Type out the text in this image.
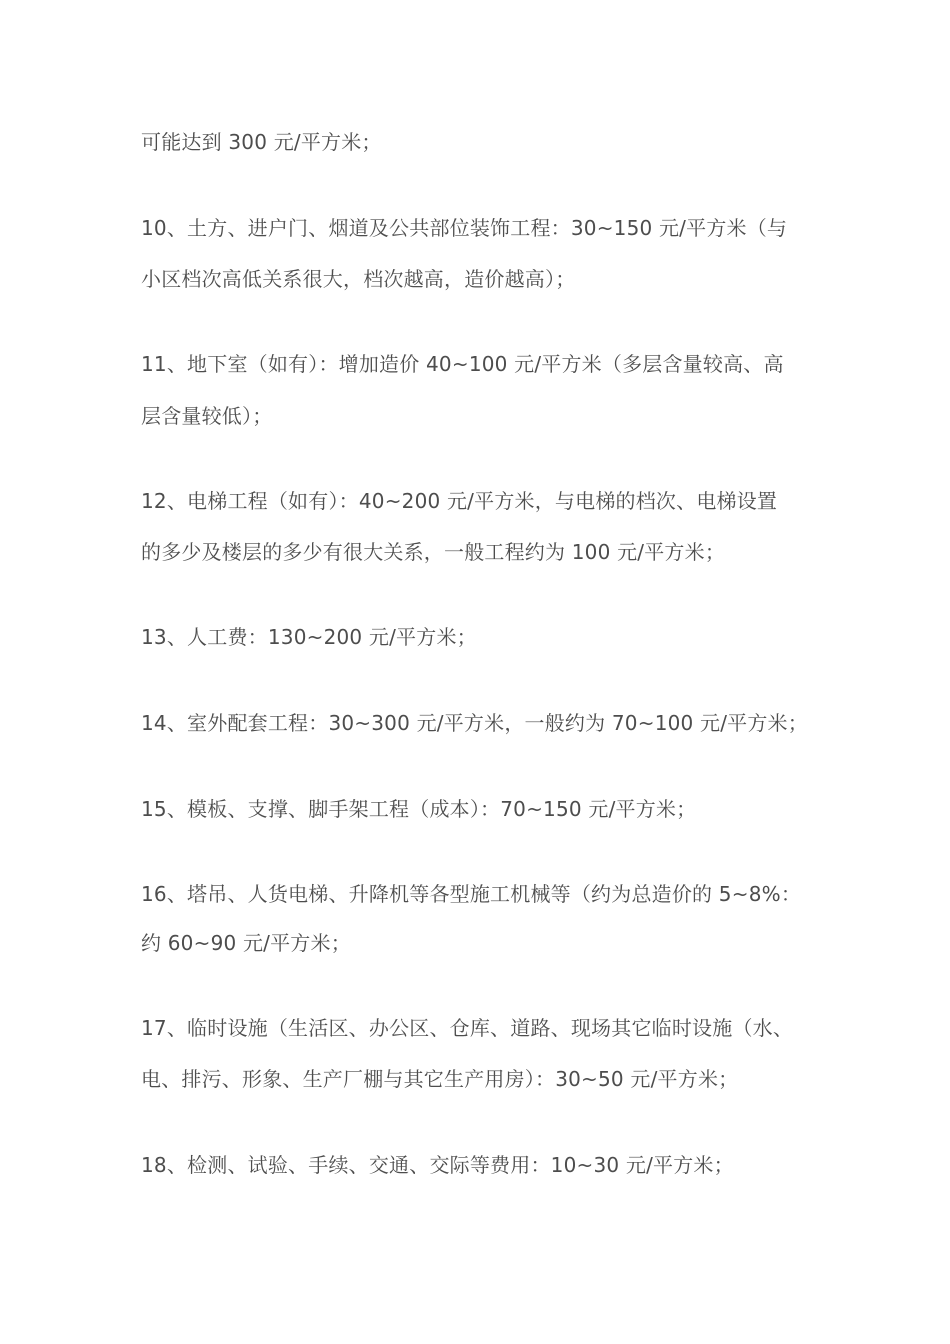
可能达到 300 元/平方米；
10、土方、进户门、烟道及公共部位装饰工程：30~150 元/平方米（与
小区档次高低关系很大，档次越高，造价越高）；
11、地下室（如有）：增加造价 40~100 元/平方米（多层含量较高、高
层含量较低）；
12、电梯工程（如有）：40~200 元/平方米，与电梯的档次、电梯设置
的多少及楼层的多少有很大关系，一般工程约为 100 元/平方米；
13、人工费：130~200 元/平方米；
14、室外配套工程：30~300 元/平方米，一般约为 70~100 元/平方米；
15、模板、支撑、脚手架工程（成本）：70~150 元/平方米；
16、塔吊、人货电梯、升降机等各型施工机械等（约为总造价的 5~8%：
约 60~90 元/平方米；
17、临时设施（生活区、办公区、仓库、道路、现场其它临时设施（水、
电、排污、形象、生产厂棚与其它生产用房）：30~50 元/平方米；
18、检测、试验、手续、交通、交际等费用：10~30 元/平方米；
